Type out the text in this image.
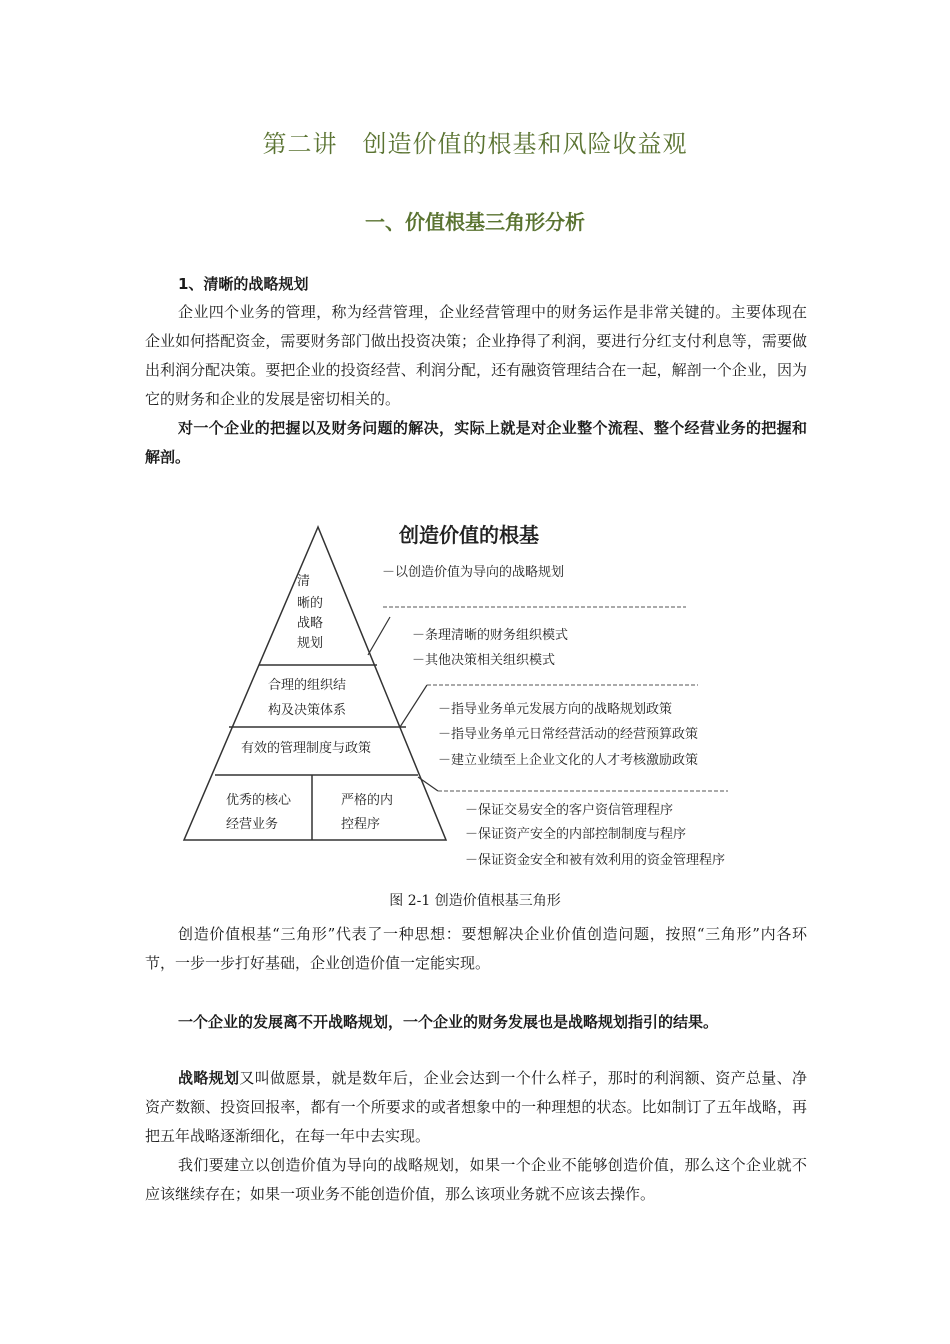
第二讲　创造价值的根基和风险收益观
一、价值根基三角形分析
1、清晰的战略规划

企业四个业务的管理，称为经营管理，企业经营管理中的财务运作是非常关键的。主要体现在企业如何搭配资金，需要财务部门做出投资决策；企业挣得了利润，要进行分红支付利息等，需要做出利润分配决策。要把企业的投资经营、利润分配，还有融资管理结合在一起，解剖一个企业，因为它的财务和企业的发展是密切相关的。

对一个企业的把握以及财务问题的解决，实际上就是对企业整个流程、整个经营业务的把握和解剖。

清
晰的
战略
规划
合理的组织结
构及决策体系
有效的管理制度与政策
优秀的核心
经营业务
严格的内
控程序
创造价值的根基
－以创造价值为导向的战略规划
－条理清晰的财务组织模式
－其他决策相关组织模式
－指导业务单元发展方向的战略规划政策
－指导业务单元日常经营活动的经营预算政策
－建立业绩至上企业文化的人才考核激励政策
－保证交易安全的客户资信管理程序
－保证资产安全的内部控制制度与程序
－保证资金安全和被有效利用的资金管理程序
图 2-1 创造价值根基三角形

创造价值根基“三角形”代表了一种思想：要想解决企业价值创造问题，按照“三角形”内各环节，一步一步打好基础，企业创造价值一定能实现。

一个企业的发展离不开战略规划，一个企业的财务发展也是战略规划指引的结果。

战略规划又叫做愿景，就是数年后，企业会达到一个什么样子，那时的利润额、资产总量、净资产数额、投资回报率，都有一个所要求的或者想象中的一种理想的状态。比如制订了五年战略，再把五年战略逐渐细化，在每一年中去实现。

我们要建立以创造价值为导向的战略规划，如果一个企业不能够创造价值，那么这个企业就不应该继续存在；如果一项业务不能创造价值，那么该项业务就不应该去操作。
